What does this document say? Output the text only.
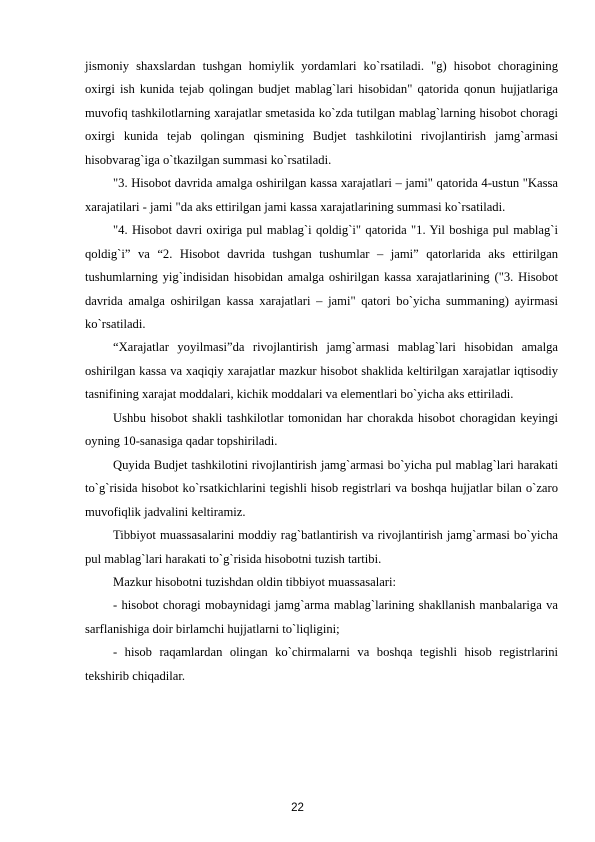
jismoniy shaxslardan tushgan homiylik yordamlari ko`rsatiladi. "g) hisobot choragining oxirgi ish kunida tejab qolingan budjet mablag`lari hisobidan" qatorida qonun hujjatlariga muvofiq tashkilotlarning xarajatlar smetasida ko`zda tutilgan mablag`larning hisobot choragi oxirgi kunida tejab qolingan qismining Budjet tashkilotini rivojlantirish jamg`armasi hisobvarag`iga o`tkazilgan summasi ko`rsatiladi.

"3. Hisobot davrida amalga oshirilgan kassa xarajatlari – jami" qatorida 4-ustun "Kassa xarajatilari - jami "da aks ettirilgan jami kassa xarajatlarining summasi ko`rsatiladi.

"4. Hisobot davri oxiriga pul mablag`i qoldig`i" qatorida "1. Yil boshiga pul mablag`i qoldig`i” va “2. Hisobot davrida tushgan tushumlar – jami” qatorlarida aks ettirilgan tushumlarning yig`indisidan hisobidan amalga oshirilgan kassa xarajatlarining ("3. Hisobot davrida amalga oshirilgan kassa xarajatlari – jami" qatori bo`yicha summaning) ayirmasi ko`rsatiladi.

“Xarajatlar yoyilmasi”da rivojlantirish jamg`armasi mablag`lari hisobidan amalga oshirilgan kassa va xaqiqiy xarajatlar mazkur hisobot shaklida keltirilgan xarajatlar iqtisodiy tasnifining xarajat moddalari, kichik moddalari va elementlari bo`yicha aks ettiriladi.

Ushbu hisobot shakli tashkilotlar tomonidan har chorakda hisobot choragidan keyingi oyning 10-sanasiga qadar topshiriladi.

Quyida Budjet tashkilotini rivojlantirish jamg`armasi bo`yicha pul mablag`lari harakati to`g`risida hisobot ko`rsatkichlarini tegishli hisob registrlari va boshqa hujjatlar bilan o`zaro muvofiqlik jadvalini keltiramiz.

Tibbiyot muassasalarini moddiy rag`batlantirish va rivojlantirish jamg`armasi bo`yicha pul mablag`lari harakati to`g`risida hisobotni tuzish tartibi.

Mazkur hisobotni tuzishdan oldin tibbiyot muassasalari:

- hisobot choragi mobaynidagi jamg`arma mablag`larining shakllanish manbalariga va sarflanishiga doir birlamchi hujjatlarni to`liqligini;

- hisob raqamlardan olingan ko`chirmalarni va boshqa tegishli hisob registrlarini tekshirib chiqadilar.

22
